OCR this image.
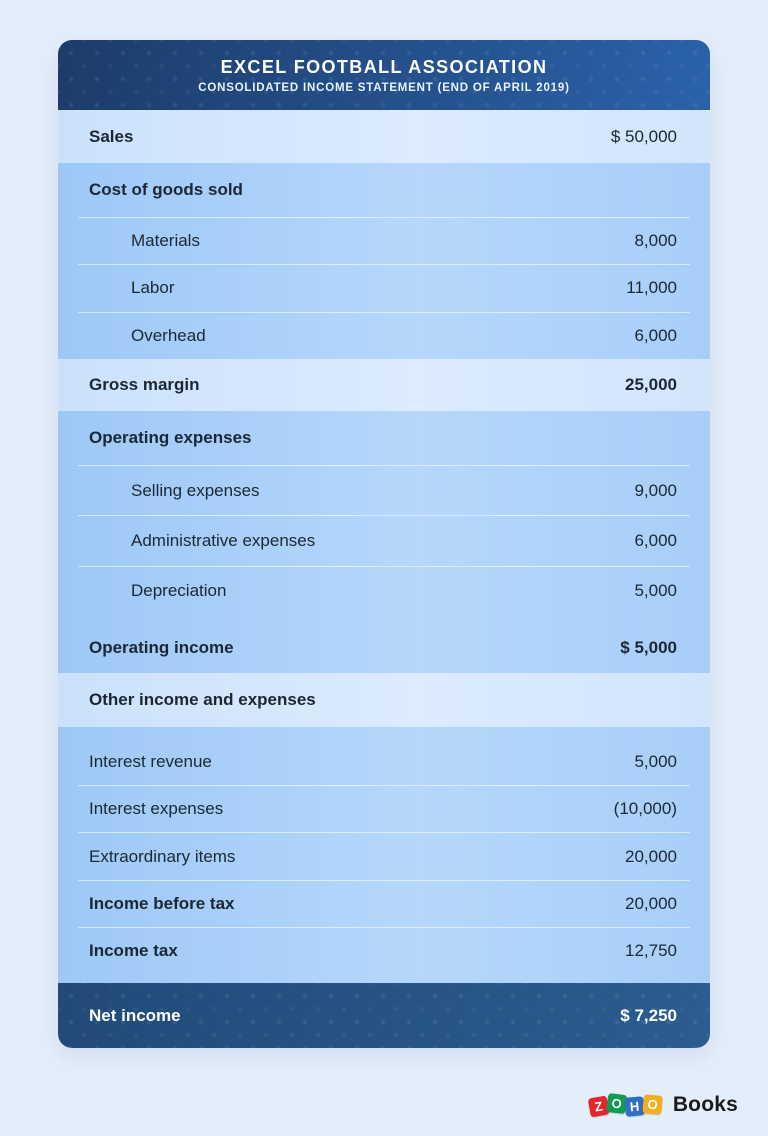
EXCEL FOOTBALL ASSOCIATION
CONSOLIDATED INCOME STATEMENT (END OF APRIL 2019)
Sales	$ 50,000
Cost of goods sold
Materials	8,000
Labor	11,000
Overhead	6,000
Gross margin	25,000
Operating expenses
Selling expenses	9,000
Administrative expenses	6,000
Depreciation	5,000
Operating income	$ 5,000
Other income and expenses
Interest revenue	5,000
Interest expenses	(10,000)
Extraordinary items	20,000
Income before tax	20,000
Income tax	12,750
Net income	$ 7,250
Z O H O Books
